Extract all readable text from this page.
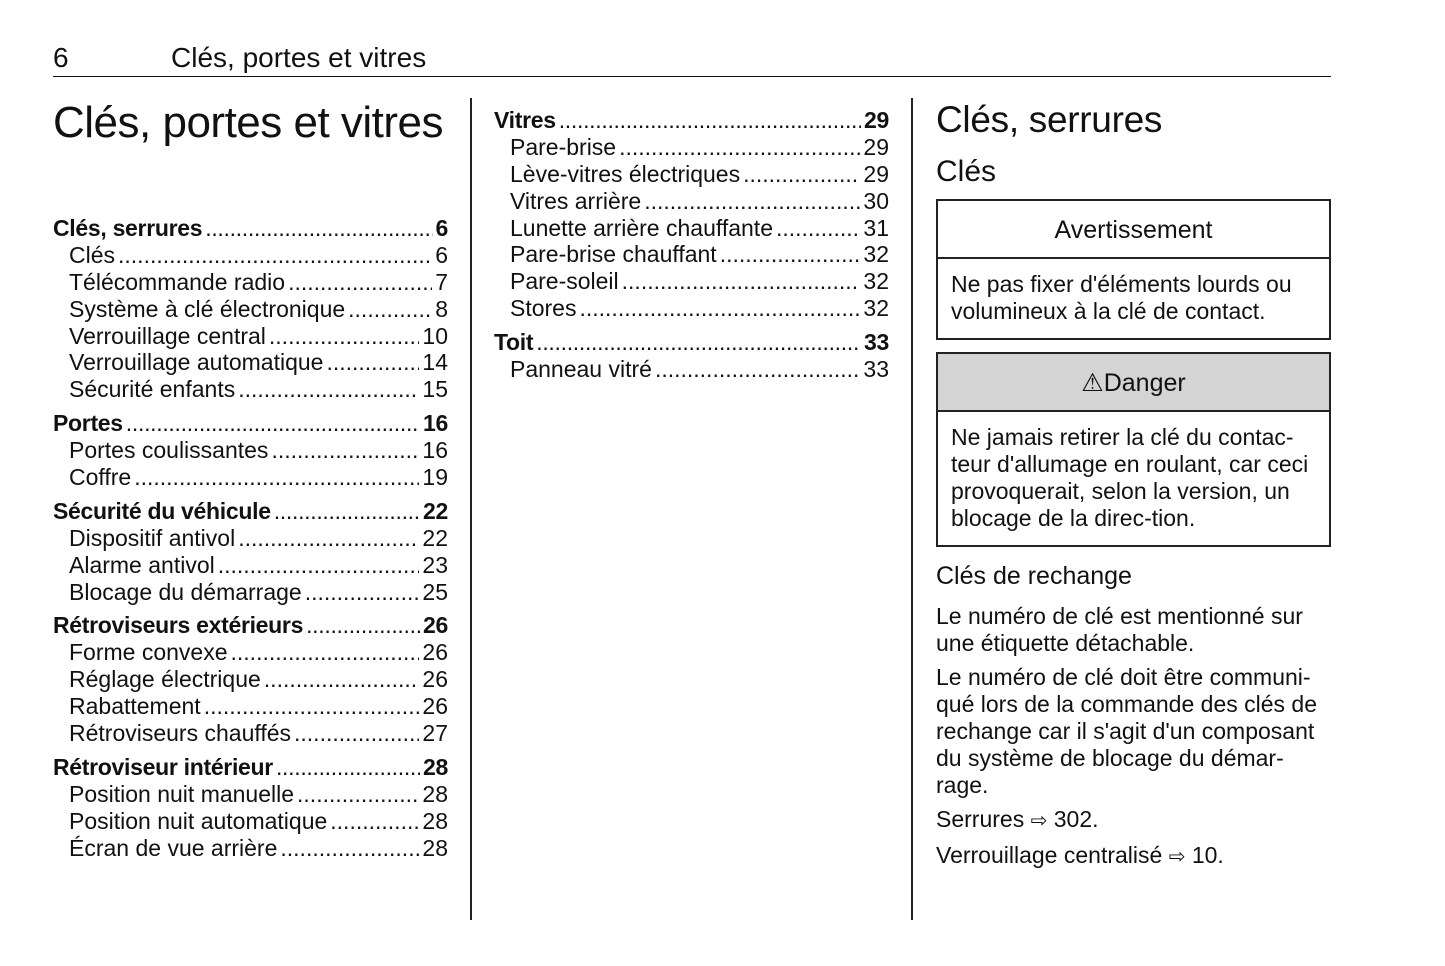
6	Clés, portes et vitres
Clés, portes et vitres
Clés, serrures .....	6
Clés .....	6
Télécommande radio .....	7
Système à clé électronique .....	8
Verrouillage central .....	10
Verrouillage automatique .....	14
Sécurité enfants .....	15
Portes .....	16
Portes coulissantes .....	16
Coffre .....	19
Sécurité du véhicule .....	22
Dispositif antivol .....	22
Alarme antivol .....	23
Blocage du démarrage .....	25
Rétroviseurs extérieurs .....	26
Forme convexe .....	26
Réglage électrique .....	26
Rabattement .....	26
Rétroviseurs chauffés .....	27
Rétroviseur intérieur .....	28
Position nuit manuelle .....	28
Position nuit automatique .....	28
Écran de vue arrière .....	28
Vitres .....	29
Pare-brise .....	29
Lève-vitres électriques .....	29
Vitres arrière .....	30
Lunette arrière chauffante .....	31
Pare-brise chauffant .....	32
Pare-soleil .....	32
Stores .....	32
Toit .....	33
Panneau vitré .....	33
Clés, serrures
Clés
Avertissement
Ne pas fixer d'éléments lourds ou volumineux à la clé de contact.
⚠Danger
Ne jamais retirer la clé du contac-teur d'allumage en roulant, car ceci provoquerait, selon la version, un blocage de la direc-tion.
Clés de rechange

Le numéro de clé est mentionné sur une étiquette détachable.

Le numéro de clé doit être communi-qué lors de la commande des clés de rechange car il s'agit d'un composant du système de blocage du démar-rage.

Serrures ⇨ 302.

Verrouillage centralisé ⇨ 10.
